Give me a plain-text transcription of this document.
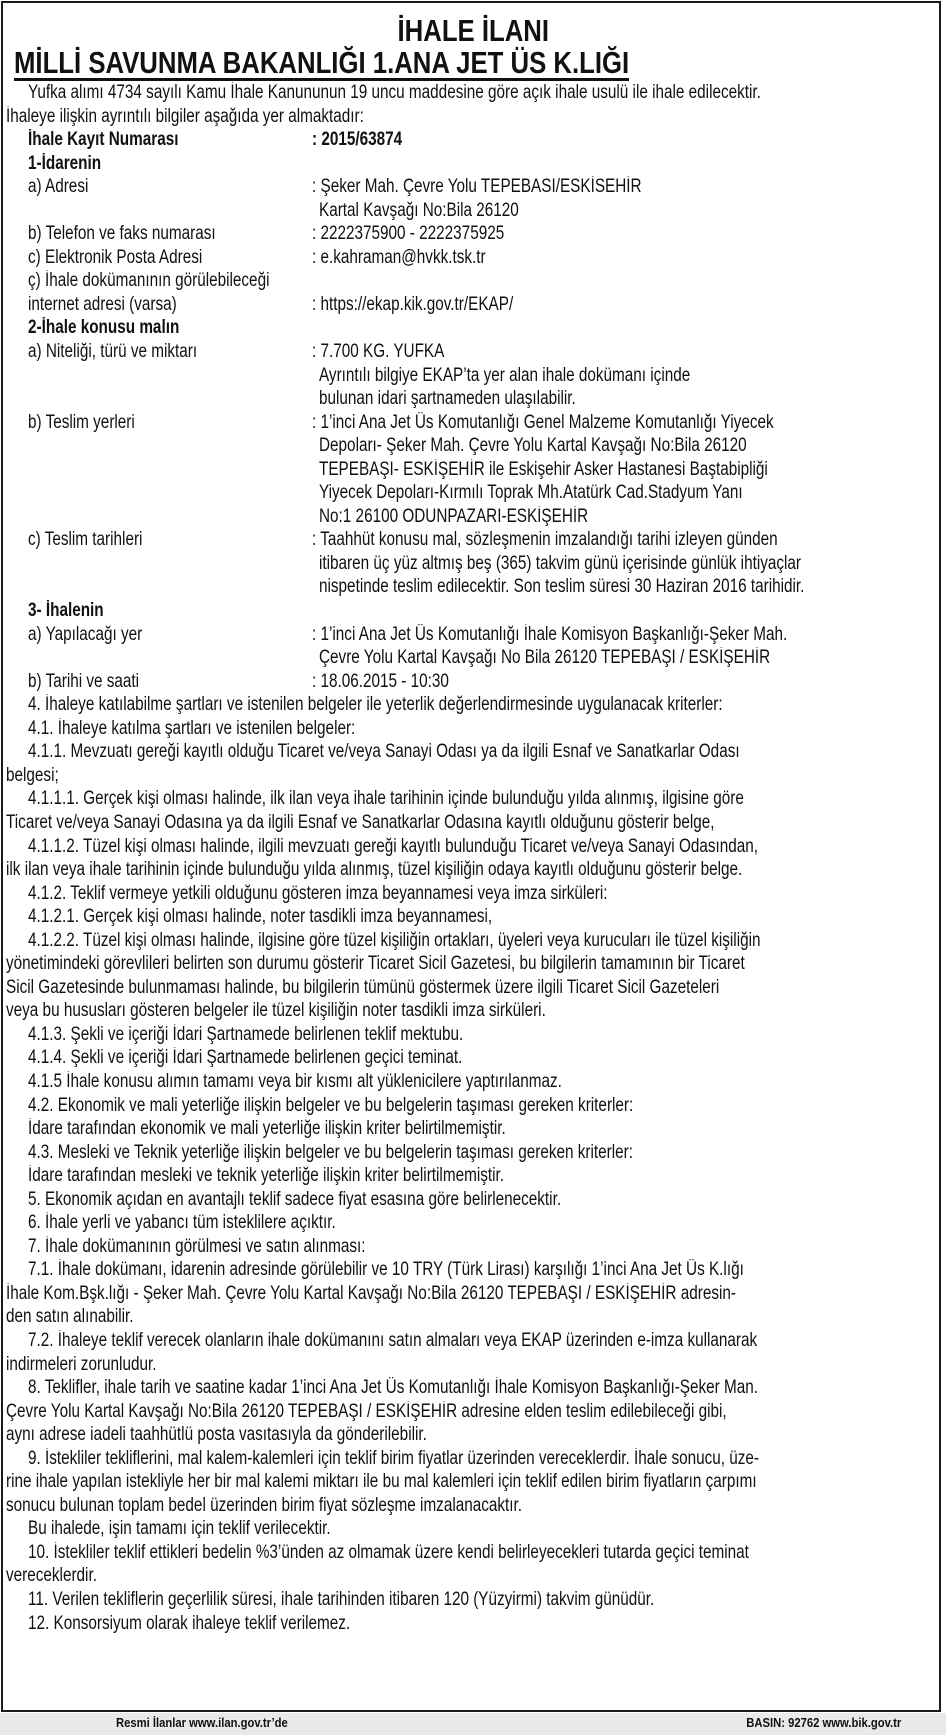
İHALE İLANI
MİLLİ SAVUNMA BAKANLIĞI 1.ANA JET ÜS K.LIĞI
Yufka alımı 4734 sayılı Kamu İhale Kanununun 19 uncu maddesine göre açık ihale usulü ile ihale edilecektir.
İhaleye ilişkin ayrıntılı bilgiler aşağıda yer almaktadır:
İhale Kayıt Numarası	: 2015/63874
1-İdarenin
a) Adresi	: Şeker Mah. Çevre Yolu TEPEBASI/ESKİSEHİR
Kartal Kavşağı No:Bila 26120
b) Telefon ve faks numarası	: 2222375900 - 2222375925
c) Elektronik Posta Adresi	: e.kahraman@hvkk.tsk.tr
ç) İhale dokümanının görülebileceği
internet adresi (varsa)	: https://ekap.kik.gov.tr/EKAP/
2-İhale konusu malın
a) Niteliği, türü ve miktarı	: 7.700 KG. YUFKA
Ayrıntılı bilgiye EKAP’ta yer alan ihale dokümanı içinde
bulunan idari şartnameden ulaşılabilir.
b) Teslim yerleri	: 1’inci Ana Jet Üs Komutanlığı Genel Malzeme Komutanlığı Yiyecek
Depoları- Şeker Mah. Çevre Yolu Kartal Kavşağı No:Bila 26120
TEPEBAŞI- ESKİŞEHİR ile Eskişehir Asker Hastanesi Baştabipliği
Yiyecek Depoları-Kırmılı Toprak Mh.Atatürk Cad.Stadyum Yanı
No:1 26100 ODUNPAZARI-ESKİŞEHİR
c) Teslim tarihleri	: Taahhüt konusu mal, sözleşmenin imzalandığı tarihi izleyen günden
itibaren üç yüz altmış beş (365) takvim günü içerisinde günlük ihtiyaçlar
nispetinde teslim edilecektir. Son teslim süresi 30 Haziran 2016 tarihidir.
3- İhalenin
a) Yapılacağı yer	: 1’inci Ana Jet Üs Komutanlığı İhale Komisyon Başkanlığı-Şeker Mah.
Çevre Yolu Kartal Kavşağı No Bila 26120 TEPEBAŞI / ESKİŞEHİR
b) Tarihi ve saati	: 18.06.2015 - 10:30
4. İhaleye katılabilme şartları ve istenilen belgeler ile yeterlik değerlendirmesinde uygulanacak kriterler:
4.1. İhaleye katılma şartları ve istenilen belgeler:
4.1.1. Mevzuatı gereği kayıtlı olduğu Ticaret ve/veya Sanayi Odası ya da ilgili Esnaf ve Sanatkarlar Odası
belgesi;
4.1.1.1. Gerçek kişi olması halinde, ilk ilan veya ihale tarihinin içinde bulunduğu yılda alınmış, ilgisine göre
Ticaret ve/veya Sanayi Odasına ya da ilgili Esnaf ve Sanatkarlar Odasına kayıtlı olduğunu gösterir belge,
4.1.1.2. Tüzel kişi olması halinde, ilgili mevzuatı gereği kayıtlı bulunduğu Ticaret ve/veya Sanayi Odasından,
ilk ilan veya ihale tarihinin içinde bulunduğu yılda alınmış, tüzel kişiliğin odaya kayıtlı olduğunu gösterir belge.
4.1.2. Teklif vermeye yetkili olduğunu gösteren imza beyannamesi veya imza sirküleri:
4.1.2.1. Gerçek kişi olması halinde, noter tasdikli imza beyannamesi,
4.1.2.2. Tüzel kişi olması halinde, ilgisine göre tüzel kişiliğin ortakları, üyeleri veya kurucuları ile tüzel kişiliğin
yönetimindeki görevlileri belirten son durumu gösterir Ticaret Sicil Gazetesi, bu bilgilerin tamamının bir Ticaret
Sicil Gazetesinde bulunmaması halinde, bu bilgilerin tümünü göstermek üzere ilgili Ticaret Sicil Gazeteleri
veya bu hususları gösteren belgeler ile tüzel kişiliğin noter tasdikli imza sirküleri.
4.1.3. Şekli ve içeriği İdari Şartnamede belirlenen teklif mektubu.
4.1.4. Şekli ve içeriği İdari Şartnamede belirlenen geçici teminat.
4.1.5 İhale konusu alımın tamamı veya bir kısmı alt yüklenicilere yaptırılanmaz.
4.2. Ekonomik ve mali yeterliğe ilişkin belgeler ve bu belgelerin taşıması gereken kriterler:
İdare tarafından ekonomik ve mali yeterliğe ilişkin kriter belirtilmemiştir.
4.3. Mesleki ve Teknik yeterliğe ilişkin belgeler ve bu belgelerin taşıması gereken kriterler:
İdare tarafından mesleki ve teknik yeterliğe ilişkin kriter belirtilmemiştir.
5. Ekonomik açıdan en avantajlı teklif sadece fiyat esasına göre belirlenecektir.
6. İhale yerli ve yabancı tüm isteklilere açıktır.
7. İhale dokümanının görülmesi ve satın alınması:
7.1. İhale dokümanı, idarenin adresinde görülebilir ve 10 TRY (Türk Lirası) karşılığı 1’inci Ana Jet Üs K.lığı
İhale Kom.Bşk.lığı - Şeker Mah. Çevre Yolu Kartal Kavşağı No:Bila 26120 TEPEBAŞI / ESKİŞEHİR adresin-
den satın alınabilir.
7.2. İhaleye teklif verecek olanların ihale dokümanını satın almaları veya EKAP üzerinden e-imza kullanarak
indirmeleri zorunludur.
8. Teklifler, ihale tarih ve saatine kadar 1’inci Ana Jet Üs Komutanlığı İhale Komisyon Başkanlığı-Şeker Man.
Çevre Yolu Kartal Kavşağı No:Bila 26120 TEPEBAŞI / ESKİŞEHİR adresine elden teslim edilebileceği gibi,
aynı adrese iadeli taahhütlü posta vasıtasıyla da gönderilebilir.
9. İstekliler tekliflerini, mal kalem-kalemleri için teklif birim fiyatlar üzerinden vereceklerdir. İhale sonucu, üze-
rine ihale yapılan istekliyle her bir mal kalemi miktarı ile bu mal kalemleri için teklif edilen birim fiyatların çarpımı
sonucu bulunan toplam bedel üzerinden birim fiyat sözleşme imzalanacaktır.
Bu ihalede, işin tamamı için teklif verilecektir.
10. İstekliler teklif ettikleri bedelin %3’ünden az olmamak üzere kendi belirleyecekleri tutarda geçici teminat
vereceklerdir.
11. Verilen tekliflerin geçerlilik süresi, ihale tarihinden itibaren 120 (Yüzyirmi) takvim günüdür.
12. Konsorsiyum olarak ihaleye teklif verilemez.
Resmi İlanlar www.ilan.gov.tr’de	BASIN: 92762 www.bik.gov.tr
